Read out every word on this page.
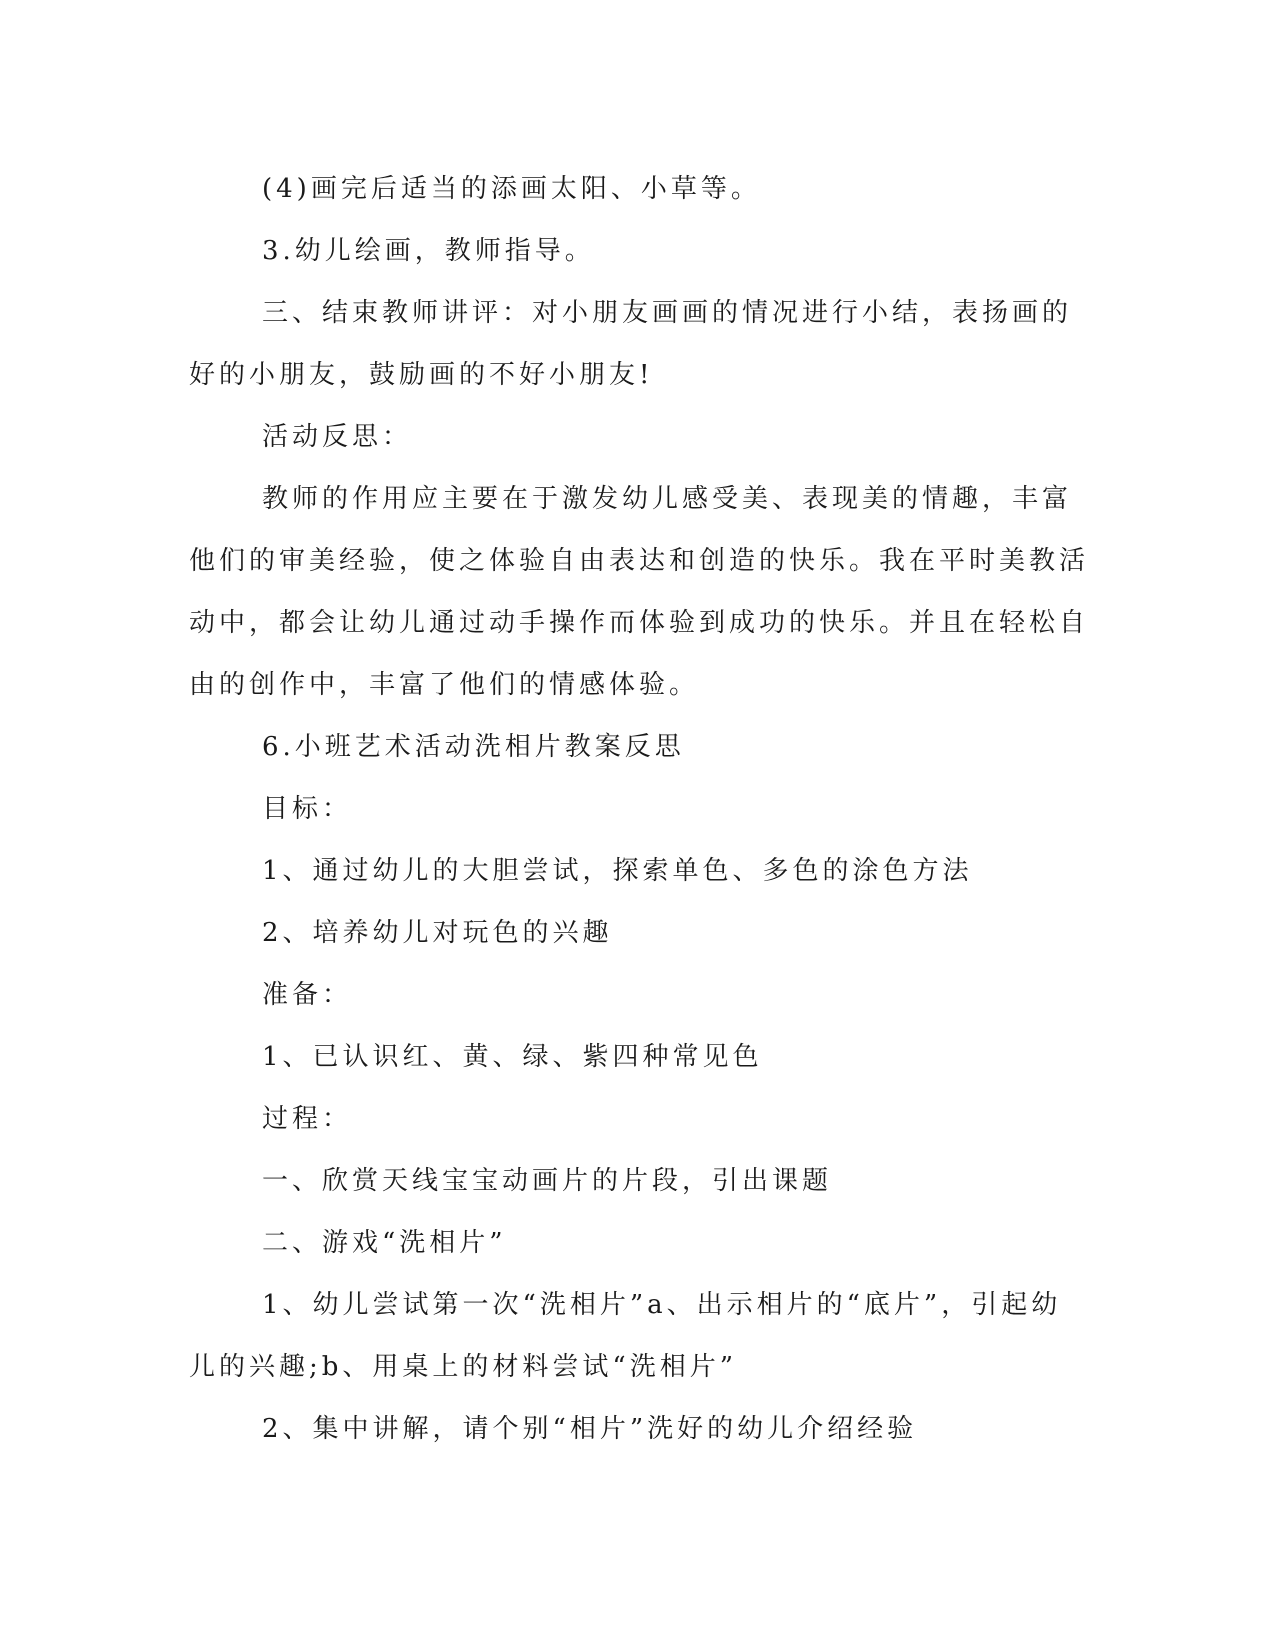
(4)画完后适当的添画太阳、小草等。

3.幼儿绘画，教师指导。

三、结束教师讲评：对小朋友画画的情况进行小结，表扬画的好的小朋友，鼓励画的不好小朋友!

活动反思：

教师的作用应主要在于激发幼儿感受美、表现美的情趣，丰富他们的审美经验，使之体验自由表达和创造的快乐。我在平时美教活动中，都会让幼儿通过动手操作而体验到成功的快乐。并且在轻松自由的创作中，丰富了他们的情感体验。

6.小班艺术活动洗相片教案反思

目标：

1、通过幼儿的大胆尝试，探索单色、多色的涂色方法

2、培养幼儿对玩色的兴趣

准备：

1、已认识红、黄、绿、紫四种常见色

过程：

一、欣赏天线宝宝动画片的片段，引出课题

二、游戏“洗相片”

1、幼儿尝试第一次“洗相片”a、出示相片的“底片”，引起幼儿的兴趣;b、用桌上的材料尝试“洗相片”

2、集中讲解，请个别“相片”洗好的幼儿介绍经验
